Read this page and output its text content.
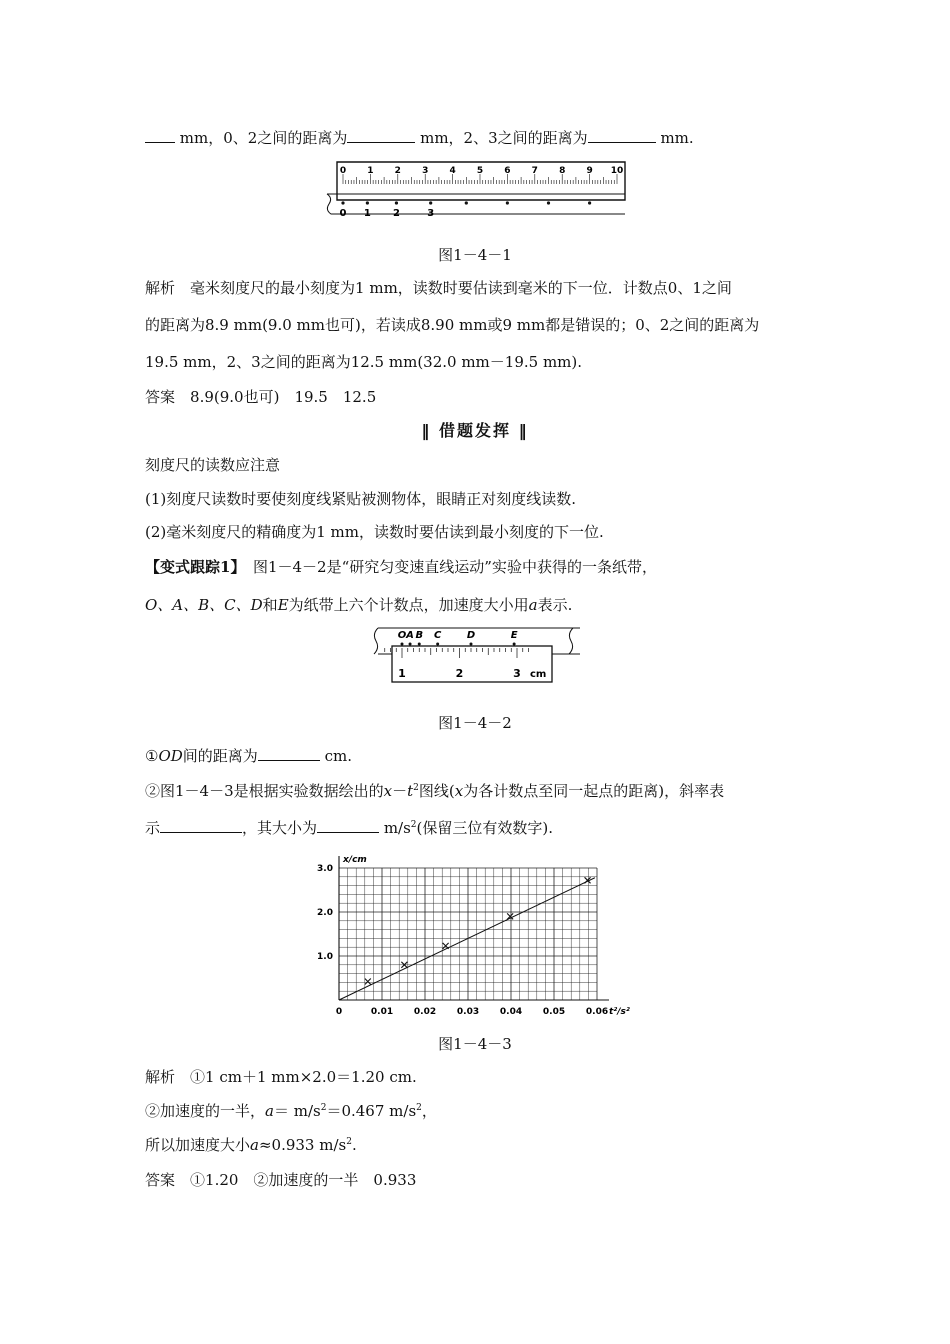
mm，0、2之间的距离为	mm，2、3之间的距离为	mm.
0 1 2 3 4 5 6 7 8 9 10
0 1 2	3
图1－4－1
解析　 毫米刻度尺的最小刻度为1 mm，读数时要估读到毫米的下一位．计数点0、1之间
的距离为8.9 mm(9.0 mm也可)，若读成8.90 mm或9 mm都是错误的；0、2之间的距离为
19.5 mm，2、3之间的距离为12.5 mm(32.0 mm－19.5 mm).
答案　 8.9(9.0也可)　19.5　12.5
‖ 借题发挥 ‖
刻度尺的读数应注意
(1)刻度尺读数时要使刻度线紧贴被测物体，眼睛正对刻度线读数.
(2)毫米刻度尺的精确度为1 mm，读数时要估读到最小刻度的下一位.
【变式跟踪1】　 图1－4－2是“研究匀变速直线运动”实验中获得的一条纸带，
O、A、B、C、D和E为纸带上六个计数点，加速度大小用a表示.
O A B C	D	E
1	2	3 cm
图1－4－2
①OD间的距离为	cm.
②图1－4－3是根据实验数据绘出的$x-t^2$图线(x为各计数点至同一起点的距离)，斜率表
示	，其大小为	$m/s^2$(保留三位有效数字).
0	0.01 0.02 0.03 0.04 0.05 0.06
1.0
2.0
3.0
x/cm
t²/s²
图1－4－3
解析　 ①1 cm＋1 mm×2.0＝1.20 cm.
②加速度的一半，$a= m/s^2=0.467$ $m/s^2$，
所以加速度大小a≈0.933 $m/s^2$.
答案　 ①1.20　②加速度的一半　0.933
